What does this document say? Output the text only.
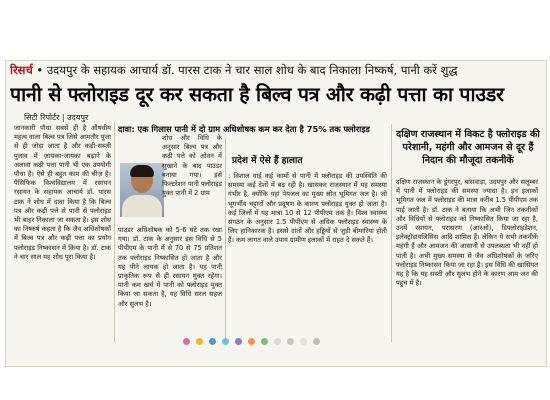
रिसर्च • उदयपुर के सहायक आचार्य डॉ. पारस टाक ने चार साल शोध के बाद निकाला निष्कर्ष, पानी करें शुद्ध
पानी से फ्लोराइड दूर कर सकता है बिल्व पत्र और कढ़ी पत्ता का पाउडर
सिटी रिपोर्टर | उदयपुर
जानकारी पौधा सबसे ही है औषधीय महत्व वाला बिल्व पत्र जिसे आमतौर पूजा से ही जोड़ा जाता है और कढ़ी-सब्जी पुलाव में ज़ायका-जायका बढ़ाने के अलावा कढ़ी पत्ता पानी भी एक उपयोगी पौधा है। ऐसे ही बहुत काम की चीज़ है। पैसिफिक विश्वविद्यालय में रसायन रसायन के सहायक आचार्य डॉ. पारस टाक ने शोध में दावा किया है कि बिल्व पत्र और कढ़ी पत्ते से पानी से फ्लोराइड भी बाहर निकाला जा सकता है। इस शोध का निष्कर्ष कहता है कि जैव अधिशोषकों में बिल्व पत्र और कढ़ी पत्ता का प्रयोग फ्लोराइड निष्कासन में किया है। डॉ. टाक ने चार साल यह शोध पूरा किया है।
दावा: एक गिलास पानी में दो ग्राम अधिशोषक कम कर देता है 75% तक फ्लोराइड
शोध और विधि के अनुसार बिल्व पत्र और कढ़ी पत्ते को ओवन में सुखाने के बाद पाउडर बनाया गया। इसे फिल्टरेशन पानी फ्लोराइड युक्त पानी में 2 ग्राम
पाउडर अधिशोषक को 5-6 घंटे तक रखा गया। डॉ. टाक के अनुसार इस विधि से 5 पीपीएम के पानी में से 70 से 75 प्रतिशत तक फ्लोराइड निष्कासित हो जाता है और यह पीने लायक हो जाता है। यह पानी प्राकृतिक रूप से ही रसायन मुक्त रहेगा। पानी कम खर्च में पानी को फ्लोराइड मुक्त किया जा सकता है, यह विधि सरल सहज और सुलभ है।
प्रदेश में ऐसे हैं हालात
: विशाल वाई कई कामों से पानी में फ्लोराइड की उपस्थिति की समस्या कई देशों में बढ़ रही है। खासकर राजस्थान में यह समस्या गंभीर है, क्योंकि यहां पेयजल का मुख्य स्रोत भूमिगत जल है। जो भूगर्भीय चट्टानों और प्रदूषण के कारण फ्लोराइड युक्त हो जाता है। कई जिलों में यह मात्रा 10 से 12 पीपीएम तक है। विश्व स्वास्थ्य संगठन के अनुसार 1.5 पीपीएम से अधिक फ्लोराइड स्वास्थ्य के लिए हानिकारक है। इससे दांतों और हड्डियों से जुड़ी बीमारियां होती हैं। कम लागत वाले उपाय ग्रामीण इलाकों में राहत दे सकते हैं।
दक्षिण राजस्थान में विकट है फ्लोराइड की परेशानी, महंगी और आमजन से दूर हैं निदान की मौजूदा तकनीकें
दक्षिण राजस्थान के डूंगरपुर, बांसवाड़ा, उदयपुर और सलूम्बर में पानी में फ्लोराइड की समस्या ज्यादा है। इन इलाकों भूमिगत जल में फ्लोराइड की मात्रा करीब 1.5 पीपीएम तक पाई जाती है। डॉ. टाक ने बताया कि अभी जिन तकनीकों और विधियों से फ्लोराइड को निष्कासित किया जा रहा है, उनमें रसायन, परासरण (आरओ), डिफ्लोराइडेशन, इलेक्ट्रोडायलिसिस आदि शामिल हैं। लेकिन ये सभी तकनीकें महंगी हैं और आमजन की आसानी से उपलब्धता भी नहीं हो पाती है। अभी मुख्य समस्या से जैव अधिशोषकों के जरिए फ्लोराइड निष्कासन किया जा रहा है। इस विधि की खासियत यह है कि यह सस्ती और सुलभ होने के कारण आम जन की पहुंच में है।
